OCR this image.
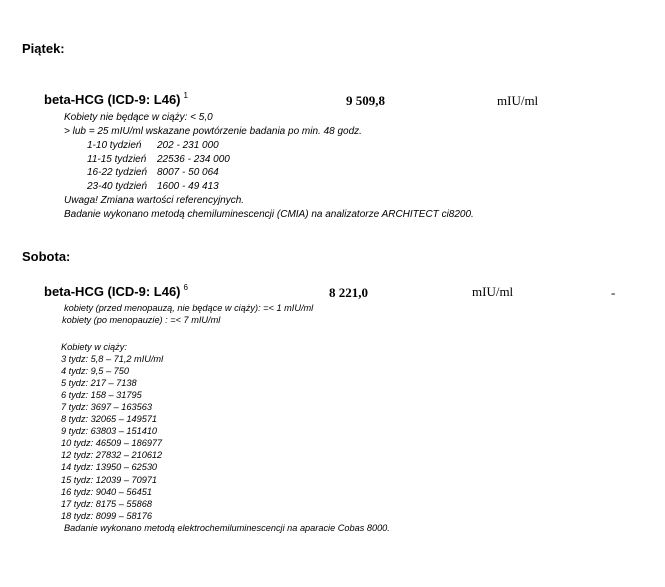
Piątek:
beta-HCG (ICD-9: L46) $^1$	9 509,8	mIU/ml
Kobiety nie będące w ciąży: < 5,0
> lub = 25 mIU/ml wskazane powtórzenie badania po min. 48 godz.
1-10 tydzień 202 - 231 000
11-15 tydzień 22536 - 234 000
16-22 tydzień 8007 - 50 064
23-40 tydzień 1600 - 49 413
Uwaga! Zmiana wartości referencyjnych.
Badanie wykonano metodą chemiluminescencji (CMIA) na analizatorze ARCHITECT ci8200.
Sobota:
beta-HCG (ICD-9: L46) $^6$	8 221,0	mIU/ml	-
kobiety (przed menopauzą, nie będące w ciąży): =< 1 mIU/ml
kobiety (po menopauzie) : =< 7 mIU/ml
Kobiety w ciąży:
3 tydz: 5,8 – 71,2 mIU/ml
4 tydz: 9,5 – 750
5 tydz: 217 – 7138
6 tydz: 158 – 31795
7 tydz: 3697 – 163563
8 tydz: 32065 – 149571
9 tydz: 63803 – 151410
10 tydz: 46509 – 186977
12 tydz: 27832 – 210612
14 tydz: 13950 – 62530
15 tydz: 12039 – 70971
16 tydz: 9040 – 56451
17 tydz: 8175 – 55868
18 tydz: 8099 – 58176
Badanie wykonano metodą elektrochemiluminescencji na aparacie Cobas 8000.
